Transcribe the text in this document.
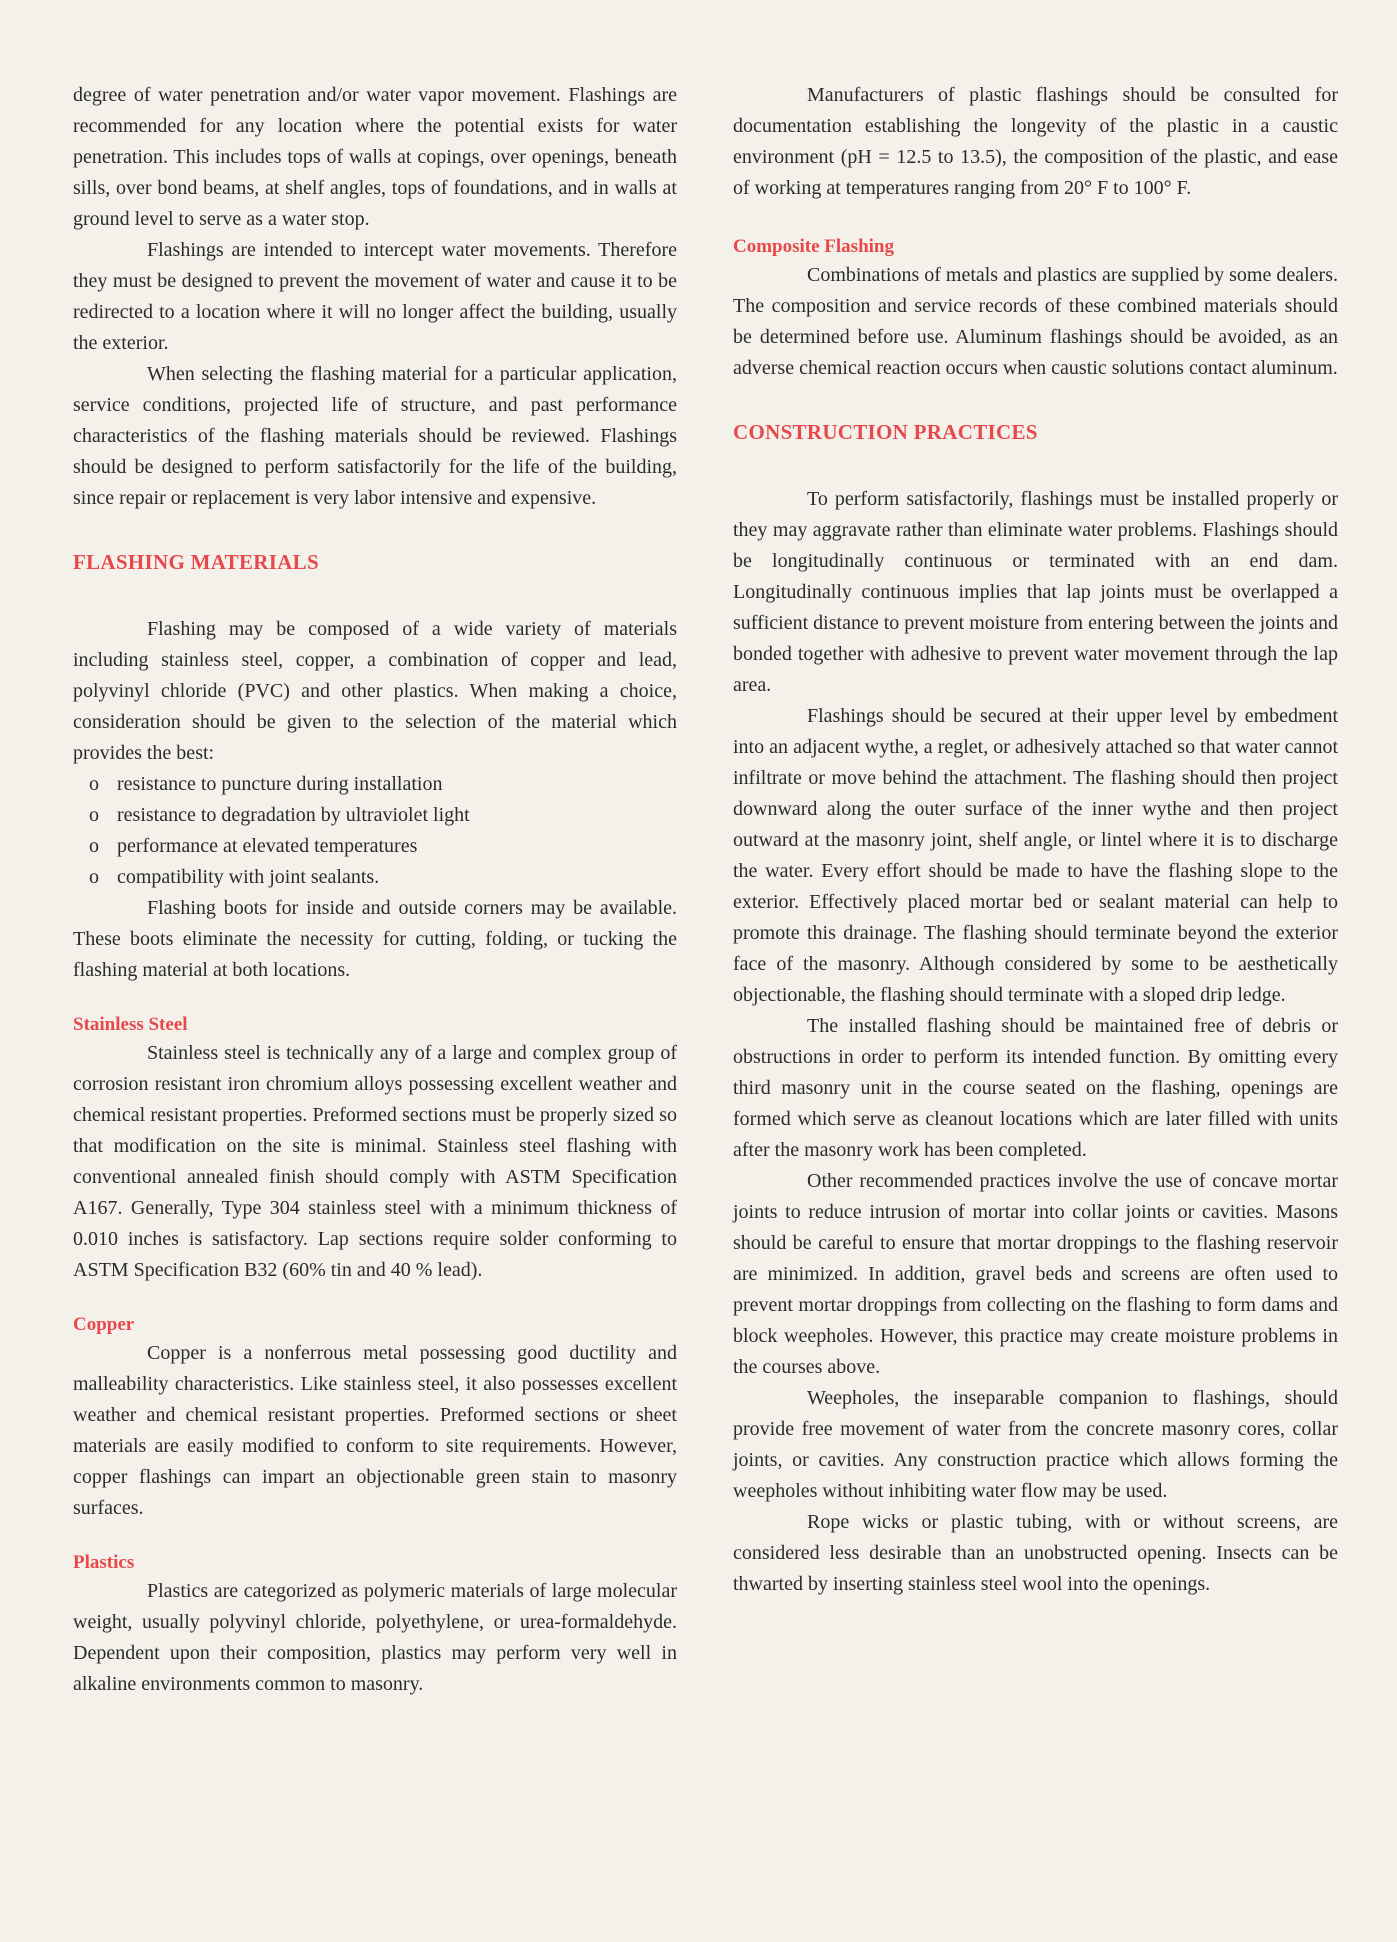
degree of water penetration and/or water vapor movement. Flashings are recommended for any location where the potential exists for water penetration. This includes tops of walls at copings, over openings, beneath sills, over bond beams, at shelf angles, tops of foundations, and in walls at ground level to serve as a water stop.

Flashings are intended to intercept water movements. Therefore they must be designed to prevent the movement of water and cause it to be redirected to a location where it will no longer affect the building, usually the exterior.

When selecting the flashing material for a particular application, service conditions, projected life of structure, and past performance characteristics of the flashing materials should be reviewed. Flashings should be designed to perform satisfactorily for the life of the building, since repair or replacement is very labor intensive and expensive.

FLASHING MATERIALS

Flashing may be composed of a wide variety of materials including stainless steel, copper, a combination of copper and lead, polyvinyl chloride (PVC) and other plastics. When making a choice, consideration should be given to the selection of the material which provides the best:

o resistance to puncture during installation
o resistance to degradation by ultraviolet light
o performance at elevated temperatures
o compatibility with joint sealants.

Flashing boots for inside and outside corners may be available. These boots eliminate the necessity for cutting, folding, or tucking the flashing material at both locations.

Stainless Steel

Stainless steel is technically any of a large and complex group of corrosion resistant iron chromium alloys possessing excellent weather and chemical resistant properties. Preformed sections must be properly sized so that modification on the site is minimal. Stainless steel flashing with conventional annealed finish should comply with ASTM Specification A167. Generally, Type 304 stainless steel with a minimum thickness of 0.010 inches is satisfactory. Lap sections require solder conforming to ASTM Specification B32 (60% tin and 40 % lead).

Copper

Copper is a nonferrous metal possessing good ductility and malleability characteristics. Like stainless steel, it also possesses excellent weather and chemical resistant properties. Preformed sections or sheet materials are easily modified to conform to site requirements. However, copper flashings can impart an objectionable green stain to masonry surfaces.

Plastics

Plastics are categorized as polymeric materials of large molecular weight, usually polyvinyl chloride, polyethylene, or urea-formaldehyde. Dependent upon their composition, plastics may perform very well in alkaline environments common to masonry.

Manufacturers of plastic flashings should be consulted for documentation establishing the longevity of the plastic in a caustic environment (pH = 12.5 to 13.5), the composition of the plastic, and ease of working at temperatures ranging from 20° F to 100° F.

Composite Flashing

Combinations of metals and plastics are supplied by some dealers. The composition and service records of these combined materials should be determined before use. Aluminum flashings should be avoided, as an adverse chemical reaction occurs when caustic solutions contact aluminum.

CONSTRUCTION PRACTICES

To perform satisfactorily, flashings must be installed properly or they may aggravate rather than eliminate water problems. Flashings should be longitudinally continuous or terminated with an end dam. Longitudinally continuous implies that lap joints must be overlapped a sufficient distance to prevent moisture from entering between the joints and bonded together with adhesive to prevent water movement through the lap area.

Flashings should be secured at their upper level by embedment into an adjacent wythe, a reglet, or adhesively attached so that water cannot infiltrate or move behind the attachment. The flashing should then project downward along the outer surface of the inner wythe and then project outward at the masonry joint, shelf angle, or lintel where it is to discharge the water. Every effort should be made to have the flashing slope to the exterior. Effectively placed mortar bed or sealant material can help to promote this drainage. The flashing should terminate beyond the exterior face of the masonry. Although considered by some to be aesthetically objectionable, the flashing should terminate with a sloped drip ledge.

The installed flashing should be maintained free of debris or obstructions in order to perform its intended function. By omitting every third masonry unit in the course seated on the flashing, openings are formed which serve as cleanout locations which are later filled with units after the masonry work has been completed.

Other recommended practices involve the use of concave mortar joints to reduce intrusion of mortar into collar joints or cavities. Masons should be careful to ensure that mortar droppings to the flashing reservoir are minimized. In addition, gravel beds and screens are often used to prevent mortar droppings from collecting on the flashing to form dams and block weepholes. However, this practice may create moisture problems in the courses above.

Weepholes, the inseparable companion to flashings, should provide free movement of water from the concrete masonry cores, collar joints, or cavities. Any construction practice which allows forming the weepholes without inhibiting water flow may be used.

Rope wicks or plastic tubing, with or without screens, are considered less desirable than an unobstructed opening. Insects can be thwarted by inserting stainless steel wool into the openings.
